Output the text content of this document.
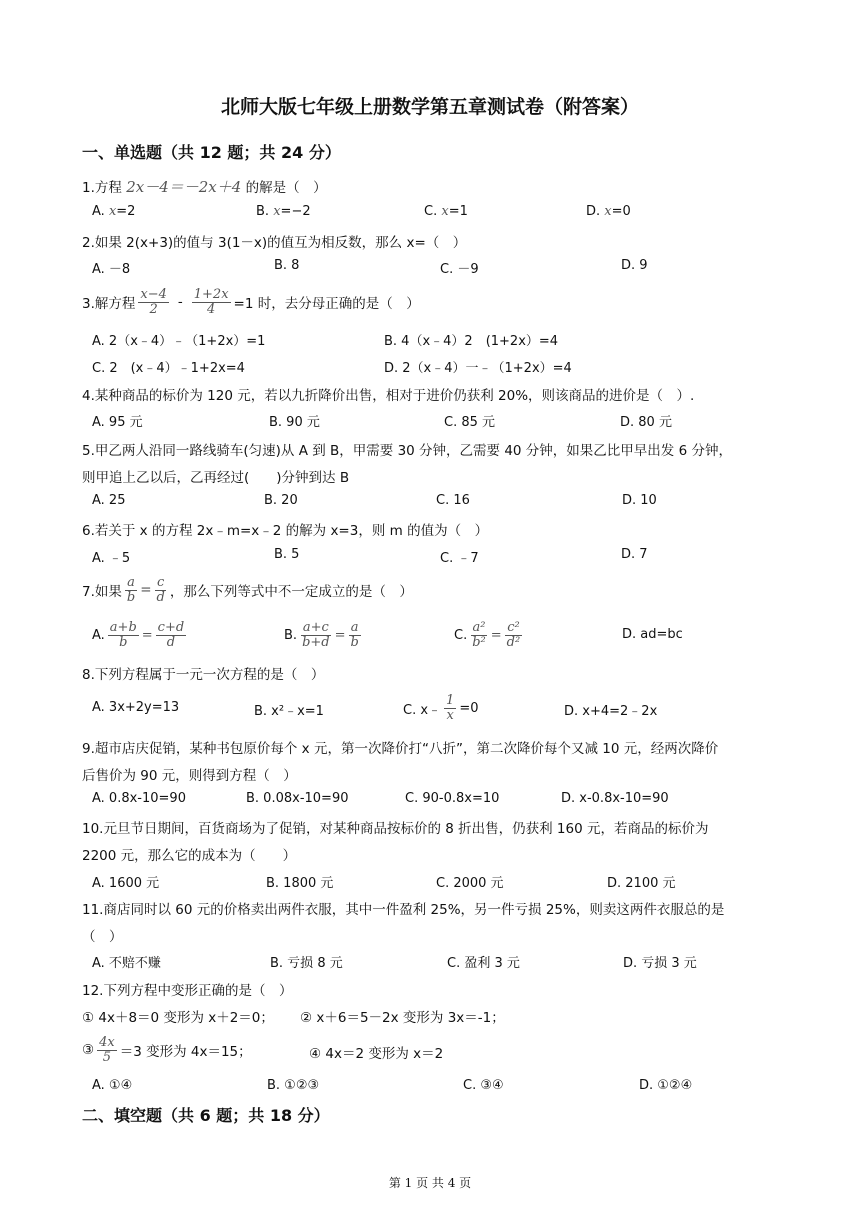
北师大版七年级上册数学第五章测试卷（附答案）
一、单选题（共 12 题；共 24 分）
1.方程 2x－4＝－2x＋4 的解是（　）
A. x=2	B. x=−2	C. x=1	D. x=0
2.如果 2(x+3)的值与 3(1－x)的值互为相反数，那么 x=（　）
A. －8	B. 8	C. －9	D. 9
3.解方程 $\frac{x-4}{2} - \frac{1+2x}{4} =1$ 时，去分母正确的是（　）
A. 2（x﹣4）﹣（1+2x）=1	B. 4（x﹣4）2　(1+2x）=4
C. 2　(x﹣4）﹣1+2x=4	D. 2（x﹣4）一﹣（1+2x）=4
4.某种商品的标价为 120 元，若以九折降价出售，相对于进价仍获利 20%，则该商品的进价是（　）.
A. 95 元	B. 90 元	C. 85 元	D. 80 元
5.甲乙两人沿同一路线骑车(匀速)从 A 到 B，甲需要 30 分钟，乙需要 40 分钟，如果乙比甲早出发 6 分钟，
则甲追上乙以后，乙再经过(　　)分钟到达 B
A. 25	B. 20	C. 16	D. 10
6.若关于 x 的方程 2x﹣m=x﹣2 的解为 x=3，则 m 的值为（　）
A. ﹣5	B. 5	C. ﹣7	D. 7
7.如果 $\frac{a}{b} = \frac{c}{d}$ ，那么下列等式中不一定成立的是（　）
A. $\frac{a+b}{b} = \frac{c+d}{d}$	B. $\frac{a+c}{b+d} = \frac{a}{b}$	C. $\frac{\text{a²}}{\text{b²}} = \frac{\text{c²}}{\text{d²}}$	D. ad=bc
8.下列方程属于一元一次方程的是（　）
A. 3x+2y=13	B. x²﹣x=1	C. x﹣ $\frac{1}{x} =0$	D. x+4=2﹣2x
9.超市店庆促销，某种书包原价每个 x 元，第一次降价打“八折”，第二次降价每个又减 10 元，经两次降价
后售价为 90 元，则得到方程（　）
A. 0.8x-10=90	B. 0.08x-10=90	C. 90-0.8x=10	D. x-0.8x-10=90
10.元旦节日期间，百货商场为了促销，对某种商品按标价的 8 折出售，仍获利 160 元，若商品的标价为
2200 元，那么它的成本为（　　）
A. 1600 元	B. 1800 元	C. 2000 元	D. 2100 元
11.商店同时以 60 元的价格卖出两件衣服，其中一件盈利 25%，另一件亏损 25%，则卖这两件衣服总的是
（　）
A. 不赔不赚	B. 亏损 8 元	C. 盈利 3 元	D. 亏损 3 元
12.下列方程中变形正确的是（　）
① 4x＋8＝0 变形为 x＋2＝0； ② x＋6＝5－2x 变形为 3x＝-1；
③ $\frac{4x}{5} =3$ 变形为 4x＝15；	④ 4x＝2 变形为 x＝2
A. ①④	B. ①②③	C. ③④	D. ①②④
二、填空题（共 6 题；共 18 分）
第 1 页 共 4 页
